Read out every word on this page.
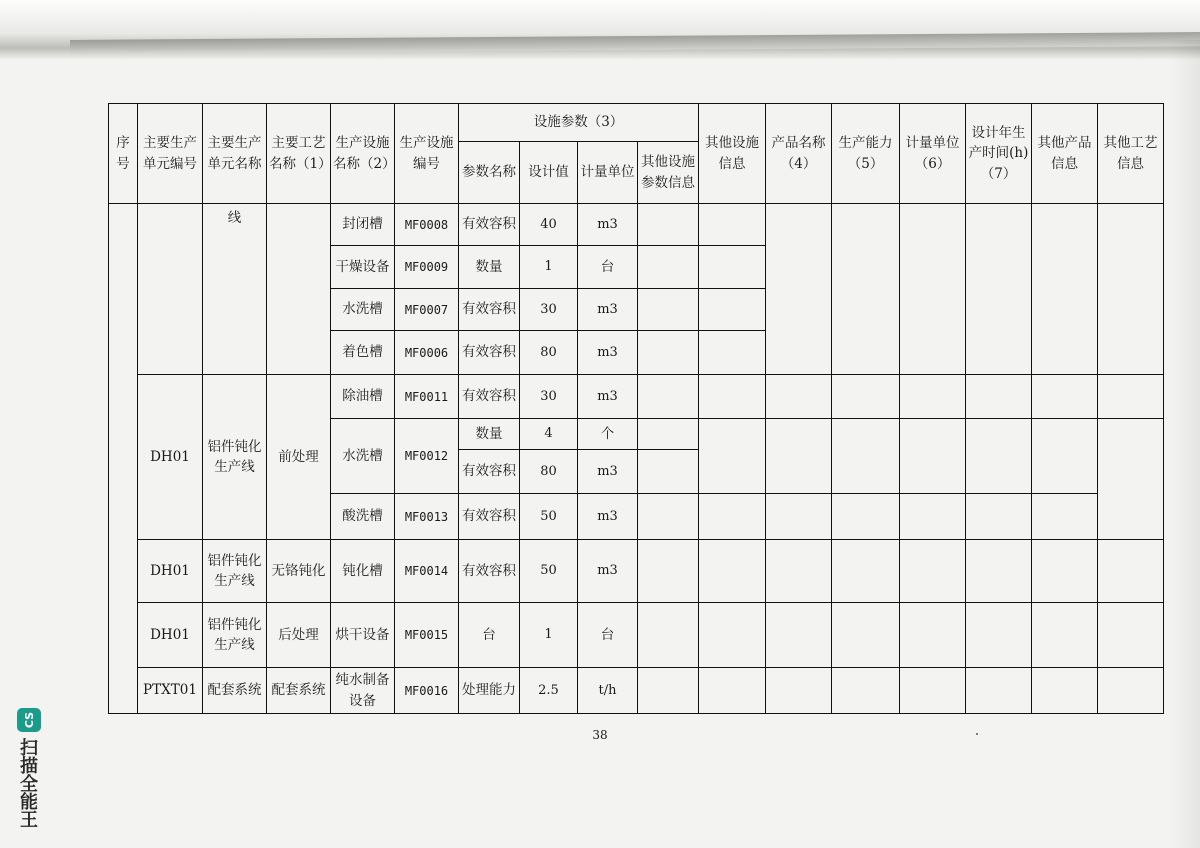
序号	主要生产单元编号	主要生产单元名称	主要工艺名称（1）	生产设施名称（2）	生产设施编号	设施参数（3）				其他设施信息	产品名称（4）	生产能力（5）	计量单位（6）	设计年生产时间(h)（7）	其他产品信息	其他工艺信息
						参数名称	设计值	计量单位	其他设施参数信息							
		线		封闭槽	MF0008	有效容积	40	m3								
				干燥设备	MF0009	数量	1	台								
				水洗槽	MF0007	有效容积	30	m3								
				着色槽	MF0006	有效容积	80	m3								
	DH01	铝件钝化生产线	前处理	除油槽	MF0011	有效容积	30	m3								
				水洗槽	MF0012	数量	4	个								
						有效容积	80	m3								
				酸洗槽	MF0013	有效容积	50	m3								
	DH01	铝件钝化生产线	无铬钝化	钝化槽	MF0014	有效容积	50	m3								
	DH01	铝件钝化生产线	后处理	烘干设备	MF0015	台	1	台								
	PTXT01	配套系统	配套系统	纯水制备设备	MF0016	处理能力	2.5	t/h								
38
CS
扫描全能王
